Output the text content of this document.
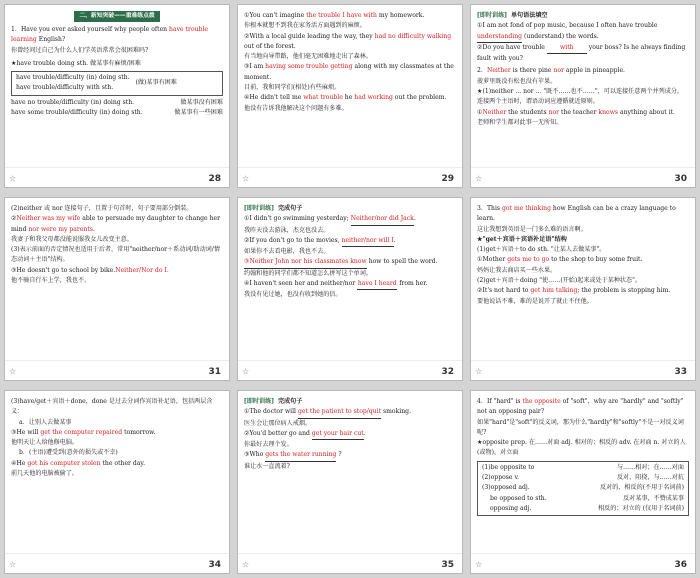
二、新知突破——重难练点拨
1．Have you ever asked yourself why people often have trouble learning English?
你曾经问过自己为什么人们学英语常常会很困难吗?
★have trouble doing sth. 做某事有麻烦/困难
have trouble/difficulty (in) doing sth.
have trouble/difficulty with sth.
(做)某事有困难
have no trouble/difficulty (in) doing sth.	做某事没有困难
have some trouble/difficulty (in) doing sth.	做某事有一些困难
☆	28
①You can't imagine the trouble I have with my homework.
你根本就想不到我在家务活方面遇到的麻烦。
②With a local guide leading the way, they had no difficulty walking out of the forest.
有当地向导带路，他们毫无困难地走出了森林。
③I am having some trouble getting along with my classmates at the moment.
目前，我和同学们(相处)有些麻烦。
④He didn't tell me what trouble he had working out the problem.
他没有告诉我他解决这个问题有多难。
☆	29
[即时训练] 单句语法填空
①I am not fond of pop music, because I often have trouble understanding (understand) the words.
②Do you have trouble with your boss? Is he always finding fault with you?
2．Neither is there pine nor apple in pineapple.
菠萝里既没有松也没有苹果。
★(1)neither ... nor ... "既不……也不……"，可以连接任意两个并列成分。连接两个主语时，谓语动词应遵循就近原则。
①Neither the students nor the teacher knows anything about it.
老师和学生都对此事一无所知。
☆	30
(2)neither 或 nor 连接句子，且置于句首时，句子要用部分倒装。
②Neither was my wife able to persuade my daughter to change her mind nor were my parents.
我妻子和我父母都没能说服我女儿改变主意。
(3)表示前面的否定情况也适用于后者，常用"neither/nor＋系动词/助动词/情态动词＋主语"结构。
③He doesn't go to school by bike.Neither/Nor do I.
他不骑自行车上学，我也不。
☆	31
[即时训练] 完成句子
①I didn't go swimming yesterday; Neither/nor did Jack.
我昨天没去游泳，杰克也没去。
②If you don't go to the movies, neither/nor will I.
如果你不去看电影，我也不去。
③Neither John nor his classmates know how to spell the word.
约翰和他的同学们都不知道怎么拼写这个单词。
④I haven't seen her and neither/nor have I heard from her.
我没有见过她，也没有收到她的信。
☆	32
3．This got me thinking how English can be a crazy language to learn.
这让我想到英语是一门多么难的语言啊。
★"get＋宾语＋宾语补足语"结构
(1)get＋宾语＋to do sth. "让某人去做某事"。
①Mother gets me to go to the shop to buy some fruit.
妈妈让我去商店买一些水果。
(2)get＋宾语＋doing "使……(开始)起来或处于某种状态"。
②It's not hard to get him talking; the problem is stopping him.
要他说话不难，难的是说开了就止不住他。
☆	33
(3)have/get＋宾语＋done，done 是过去分词作宾语补足语，包括两层含义：
a．让别人去做某事
③He will get the computer repaired tomorrow.
他明天让人给他修电脑。
b．(主语)遭受到(意外的损失或不幸)
④He got his computer stolen the other day.
前几天他的电脑被偷了。
☆	34
[即时训练] 完成句子
①The doctor will get the patient to stop/quit smoking.
医生会让那位病人戒烟。
②You'd better go and get your hair cut.
你最好去理个发。
③Who gets the water running ?
谁让水一直流着?
☆	35
4．If "hard" is the opposite of "soft"，why are "hardly" and "softly" not an opposing pair?
如果"hard"是"soft"的反义词，那为什么"hardly"和"softly"不是一对反义词呢?
★opposite prep. 在……对面 adj. 相对的；相反的 adv. 在对面 n. 对立的人(或物)，对立面
(1)be opposite to	与……相对；在……对面
(2)oppose v.	反对，阻挠，与……对抗
(3)opposed adj.	反对的，相反的(不用于名词前)
be opposed to sth.	反对某事，不赞成某事
opposing adj.	相反的；对立的 (仅用于名词前)
☆	36
